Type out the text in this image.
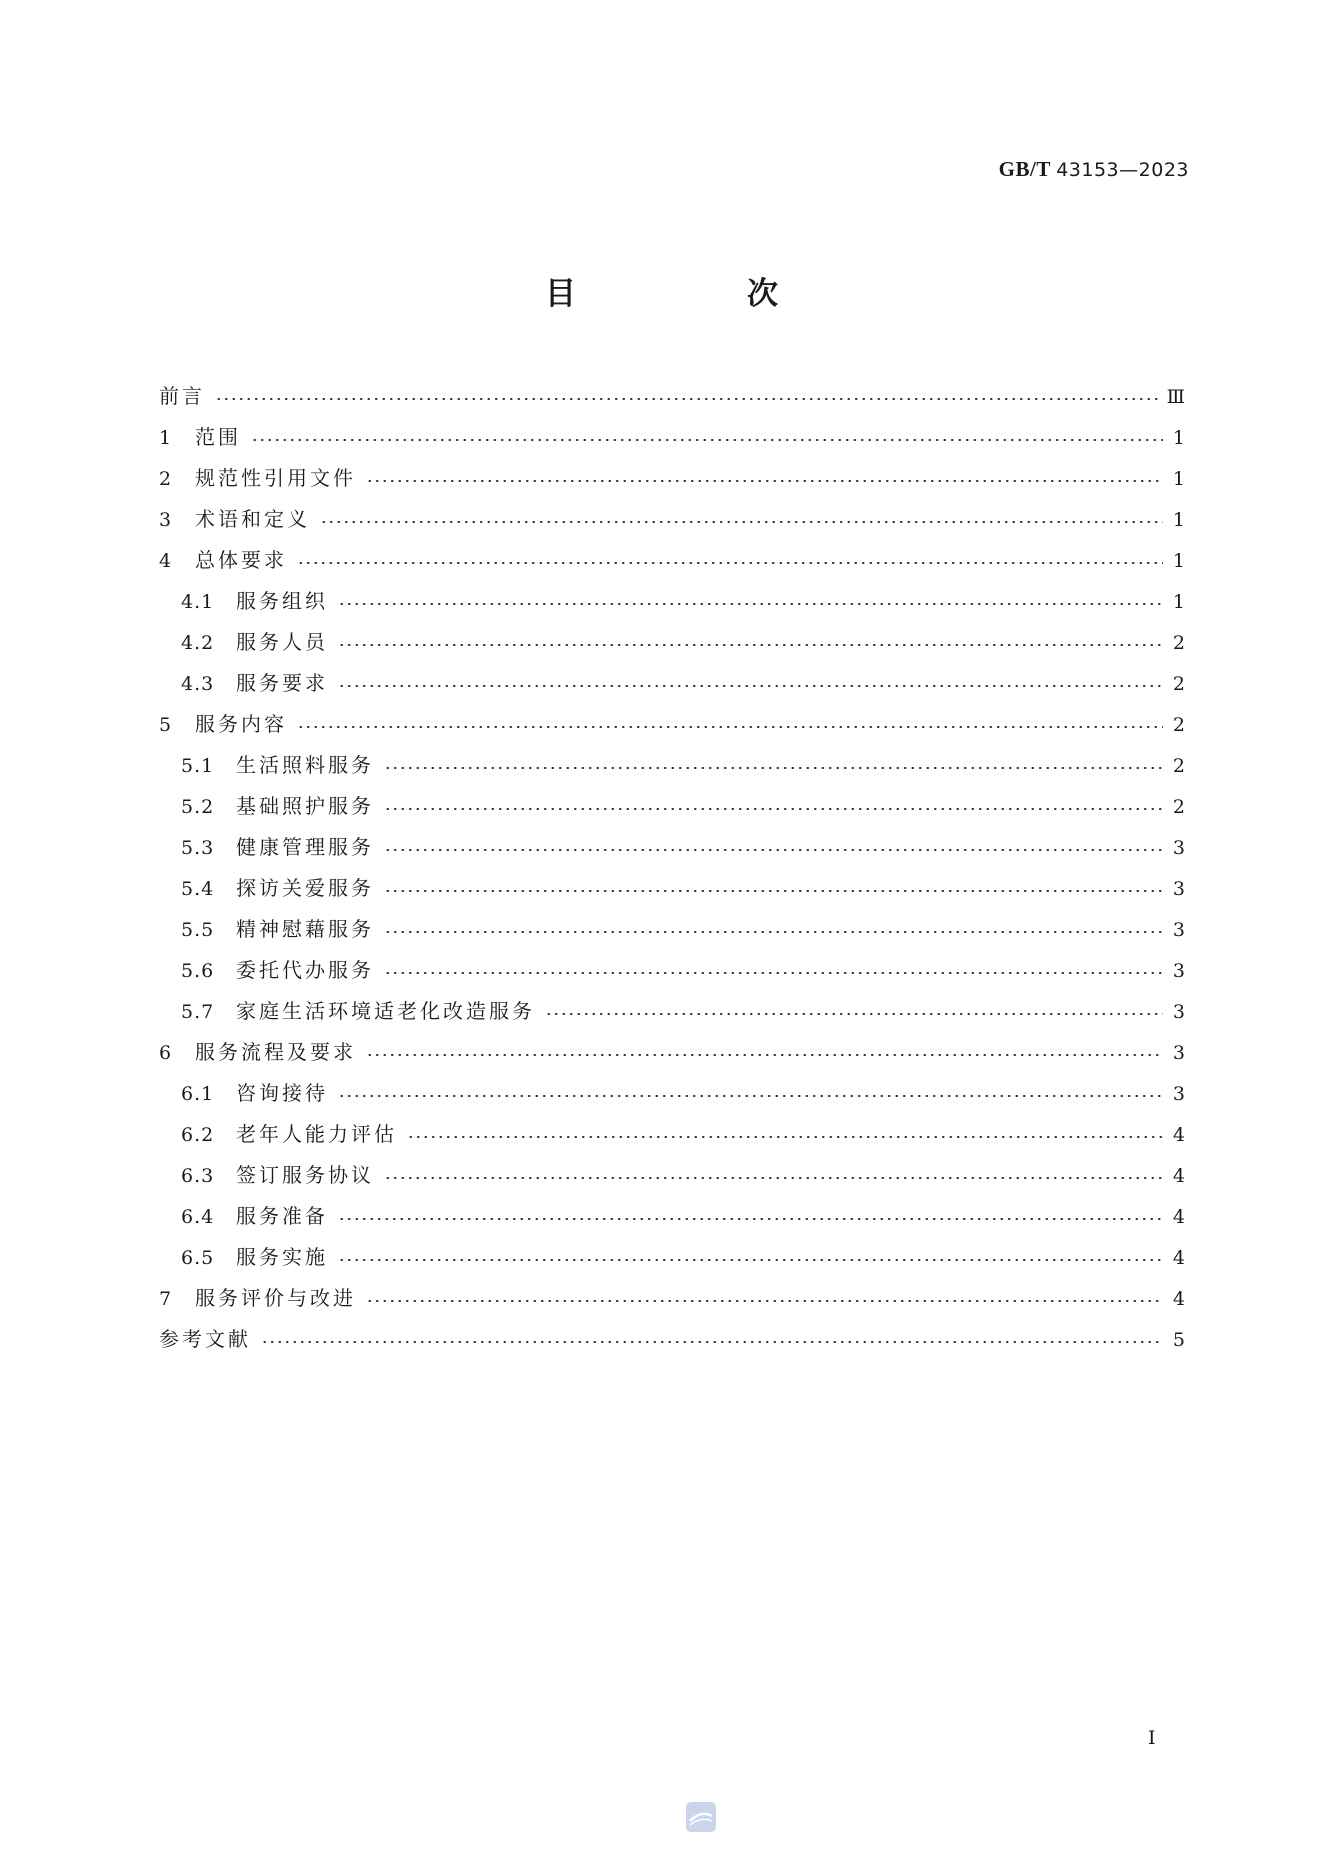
GB/T 43153—2023
目　次
前言	Ⅲ
1	范围	1
2	规范性引用文件	1
3	术语和定义	1
4	总体要求	1
4.1	服务组织	1
4.2	服务人员	2
4.3	服务要求	2
5	服务内容	2
5.1	生活照料服务	2
5.2	基础照护服务	2
5.3	健康管理服务	3
5.4	探访关爱服务	3
5.5	精神慰藉服务	3
5.6	委托代办服务	3
5.7	家庭生活环境适老化改造服务	3
6	服务流程及要求	3
6.1	咨询接待	3
6.2	老年人能力评估	4
6.3	签订服务协议	4
6.4	服务准备	4
6.5	服务实施	4
7	服务评价与改进	4
参考文献	5
I
